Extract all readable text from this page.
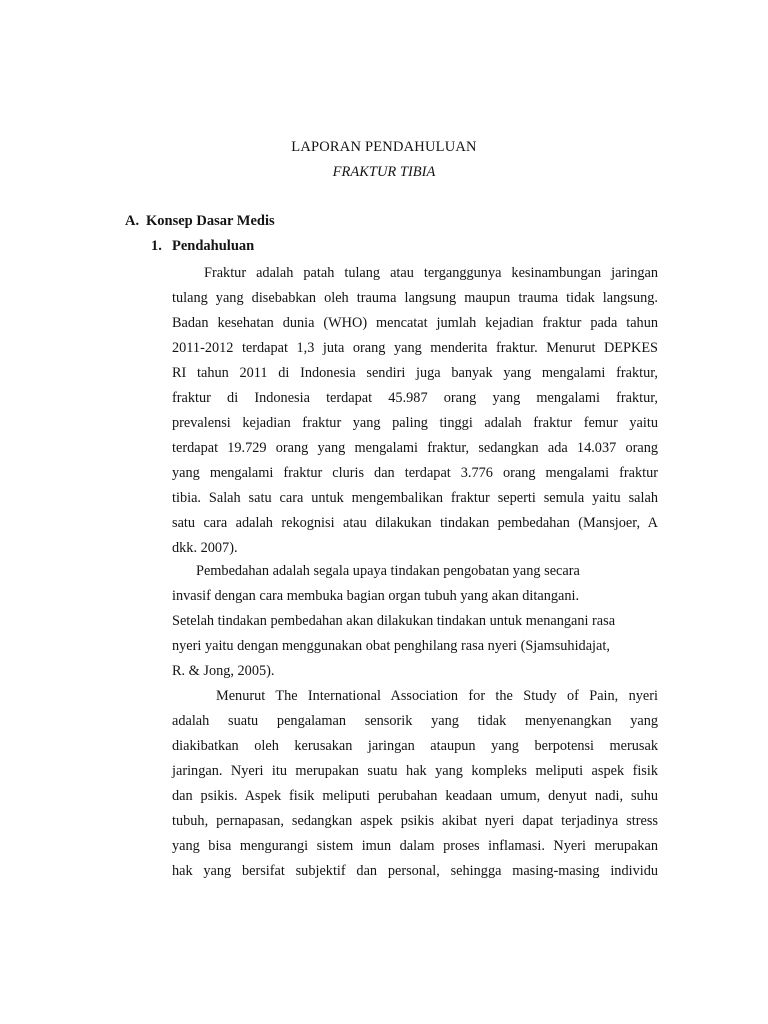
LAPORAN PENDAHULUAN
FRAKTUR TIBIA
A. Konsep Dasar Medis
1. Pendahuluan
Fraktur adalah patah tulang atau terganggunya kesinambungan jaringan
tulang yang disebabkan oleh trauma langsung maupun trauma tidak langsung.
Badan kesehatan dunia (WHO) mencatat jumlah kejadian fraktur pada tahun
2011-2012 terdapat 1,3 juta orang yang menderita fraktur. Menurut DEPKES
RI tahun 2011 di Indonesia sendiri juga banyak yang mengalami fraktur,
fraktur di Indonesia terdapat 45.987 orang yang mengalami fraktur,
prevalensi kejadian fraktur yang paling tinggi adalah fraktur femur yaitu
terdapat 19.729 orang yang mengalami fraktur, sedangkan ada 14.037 orang
yang mengalami fraktur cluris dan terdapat 3.776 orang mengalami fraktur
tibia. Salah satu cara untuk mengembalikan fraktur seperti semula yaitu salah
satu cara adalah rekognisi atau dilakukan tindakan pembedahan (Mansjoer, A
dkk. 2007).
Pembedahan adalah segala upaya tindakan pengobatan yang secara
invasif dengan cara membuka bagian organ tubuh yang akan ditangani.
Setelah tindakan pembedahan akan dilakukan tindakan untuk menangani rasa
nyeri yaitu dengan menggunakan obat penghilang rasa nyeri (Sjamsuhidajat,
R. & Jong, 2005).
Menurut The International Association for the Study of Pain, nyeri
adalah suatu pengalaman sensorik yang tidak menyenangkan yang
diakibatkan oleh kerusakan jaringan ataupun yang berpotensi merusak
jaringan. Nyeri itu merupakan suatu hak yang kompleks meliputi aspek fisik
dan psikis. Aspek fisik meliputi perubahan keadaan umum, denyut nadi, suhu
tubuh, pernapasan, sedangkan aspek psikis akibat nyeri dapat terjadinya stress
yang bisa mengurangi sistem imun dalam proses inflamasi. Nyeri merupakan
hak yang bersifat subjektif dan personal, sehingga masing-masing individu
